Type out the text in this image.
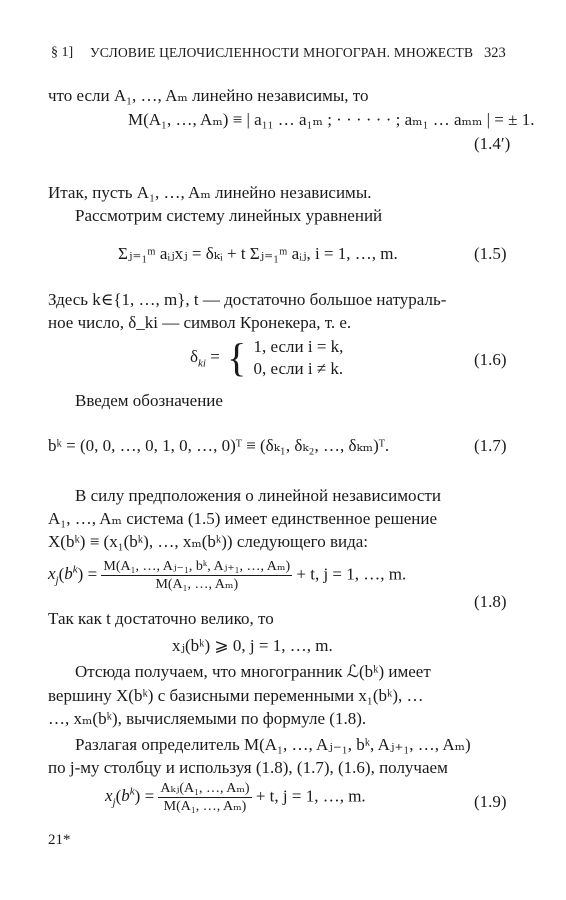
§ 1] УСЛОВИЕ ЦЕЛОЧИСЛЕННОСТИ МНОГОГРАН. МНОЖЕСТВ 323
что если A₁, …, Aₘ линейно независимы, то
M(A₁, …, Aₘ) ≡ | a₁₁ … a₁ₘ ; · · · · · · ; aₘ₁ … aₘₘ | = ± 1.
(1.4′)
Итак, пусть A₁, …, Aₘ линейно независимы.
Рассмотрим систему линейных уравнений
Σⱼ₌₁ᵐ aᵢⱼxⱼ = δₖᵢ + t Σⱼ₌₁ᵐ aᵢⱼ, i = 1, …, m.	(1.5)
Здесь k∈{1, …, m}, t — достаточно большое натураль-
ное число, δ_ki — символ Кронекера, т. е.
$\delta_{ki}$ = { 1, если i = k,
0, если i ≠ k.	(1.6)
Введем обозначение
bᵏ = (0, 0, …, 0, 1, 0, …, 0)ᵀ ≡ (δₖ₁, δₖ₂, …, δₖₘ)ᵀ.	(1.7)
В силу предположения о линейной независимости
A₁, …, Aₘ система (1.5) имеет единственное решение
X(bᵏ) ≡ (x₁(bᵏ), …, xₘ(bᵏ)) следующего вида:
$x_j(b^k) = \frac{\text{M(A₁, …, Aⱼ₋₁, bᵏ, Aⱼ₊₁, …, Aₘ)}}{\text{M(A₁, …, Aₘ)}} + t$, j = 1, …, m.
(1.8)
Так как t достаточно велико, то
xⱼ(bᵏ) ⩾ 0, j = 1, …, m.
Отсюда получаем, что многогранник ℒ(bᵏ) имеет
вершину X(bᵏ) с базисными переменными x₁(bᵏ), …
…, xₘ(bᵏ), вычисляемыми по формуле (1.8).
Разлагая определитель M(A₁, …, Aⱼ₋₁, bᵏ, Aⱼ₊₁, …, Aₘ)
по j-му столбцу и используя (1.8), (1.7), (1.6), получаем
$x_j(b^k) = \frac{\text{Aₖⱼ(A₁, …, Aₘ)}}{\text{M(A₁, …, Aₘ)}} + t$, j = 1, …, m.	(1.9)
21*
